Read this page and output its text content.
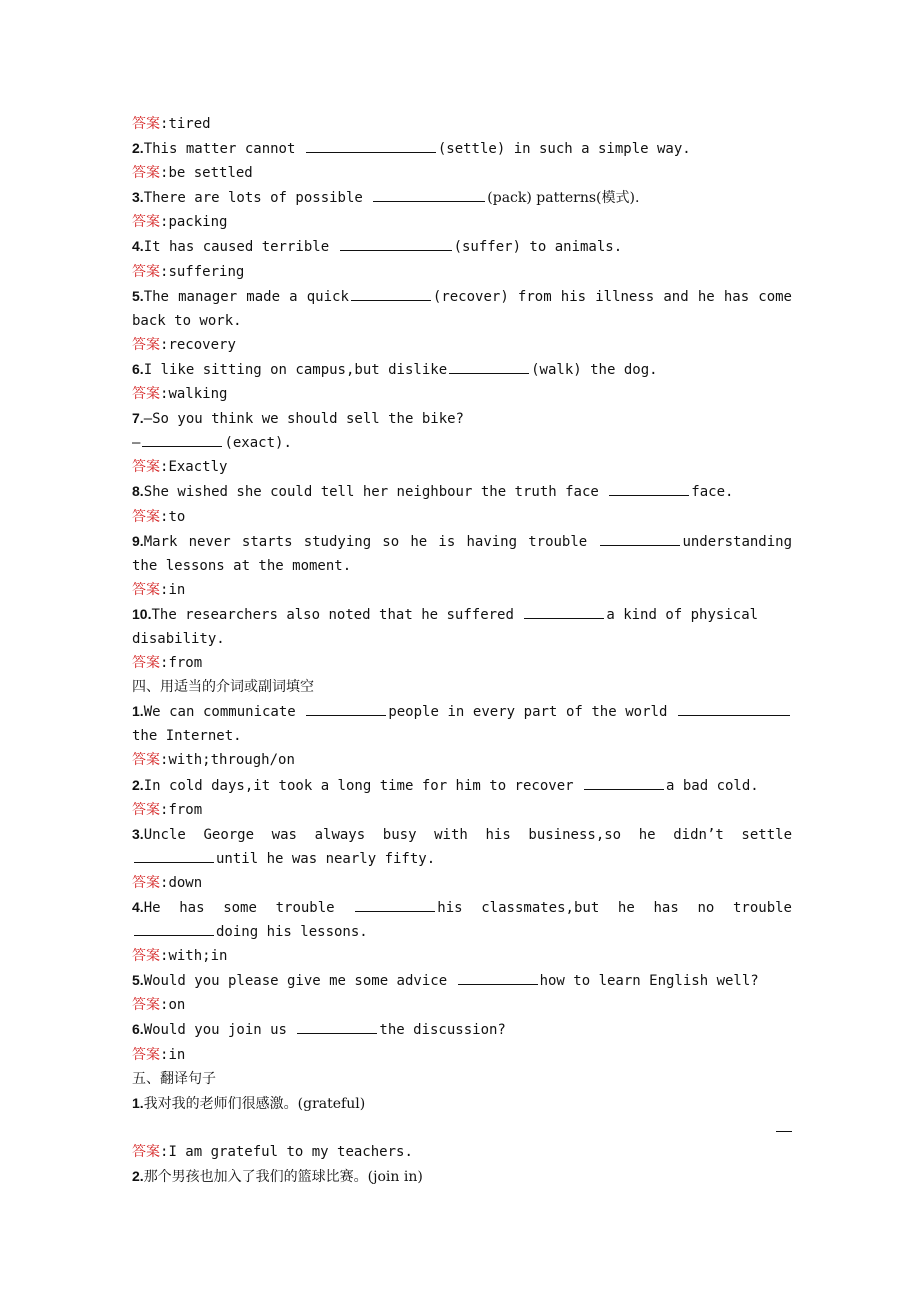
答案:tired

2.This matter cannot	(settle) in such a simple way.

答案:be settled

3.There are lots of possible	(pack) patterns(模式).

答案:packing

4.It has caused terrible	(suffer) to animals.

答案:suffering

5.The manager made a quick	(recover) from his illness and he has come back to work.

答案:recovery

6.I like sitting on campus,but dislike	(walk) the dog.

答案:walking

7.—So you think we should sell the bike?

—	(exact).

答案:Exactly

8.She wished she could tell her neighbour the truth face	face.

答案:to

9.Mark never starts studying so he is having trouble	understanding the lessons at the moment.

答案:in

10.The researchers also noted that he suffered	a kind of physical disability.

答案:from

四、用适当的介词或副词填空

1.We can communicate	people in every part of the world the Internet.

答案:with;through/on

2.In cold days,it took a long time for him to recover	a bad cold.

答案:from

3.Uncle George was always busy with his business,so he didn’t settle until he was nearly fifty.

答案:down

4.He has some trouble	his classmates,but he has no trouble doing his lessons.

答案:with;in

5.Would you please give me some advice	how to learn English well?

答案:on

6.Would you join us	the discussion?

答案:in

五、翻译句子

1.我对我的老师们很感激。(grateful)

答案:I am grateful to my teachers.

2.那个男孩也加入了我们的篮球比赛。(join in)
